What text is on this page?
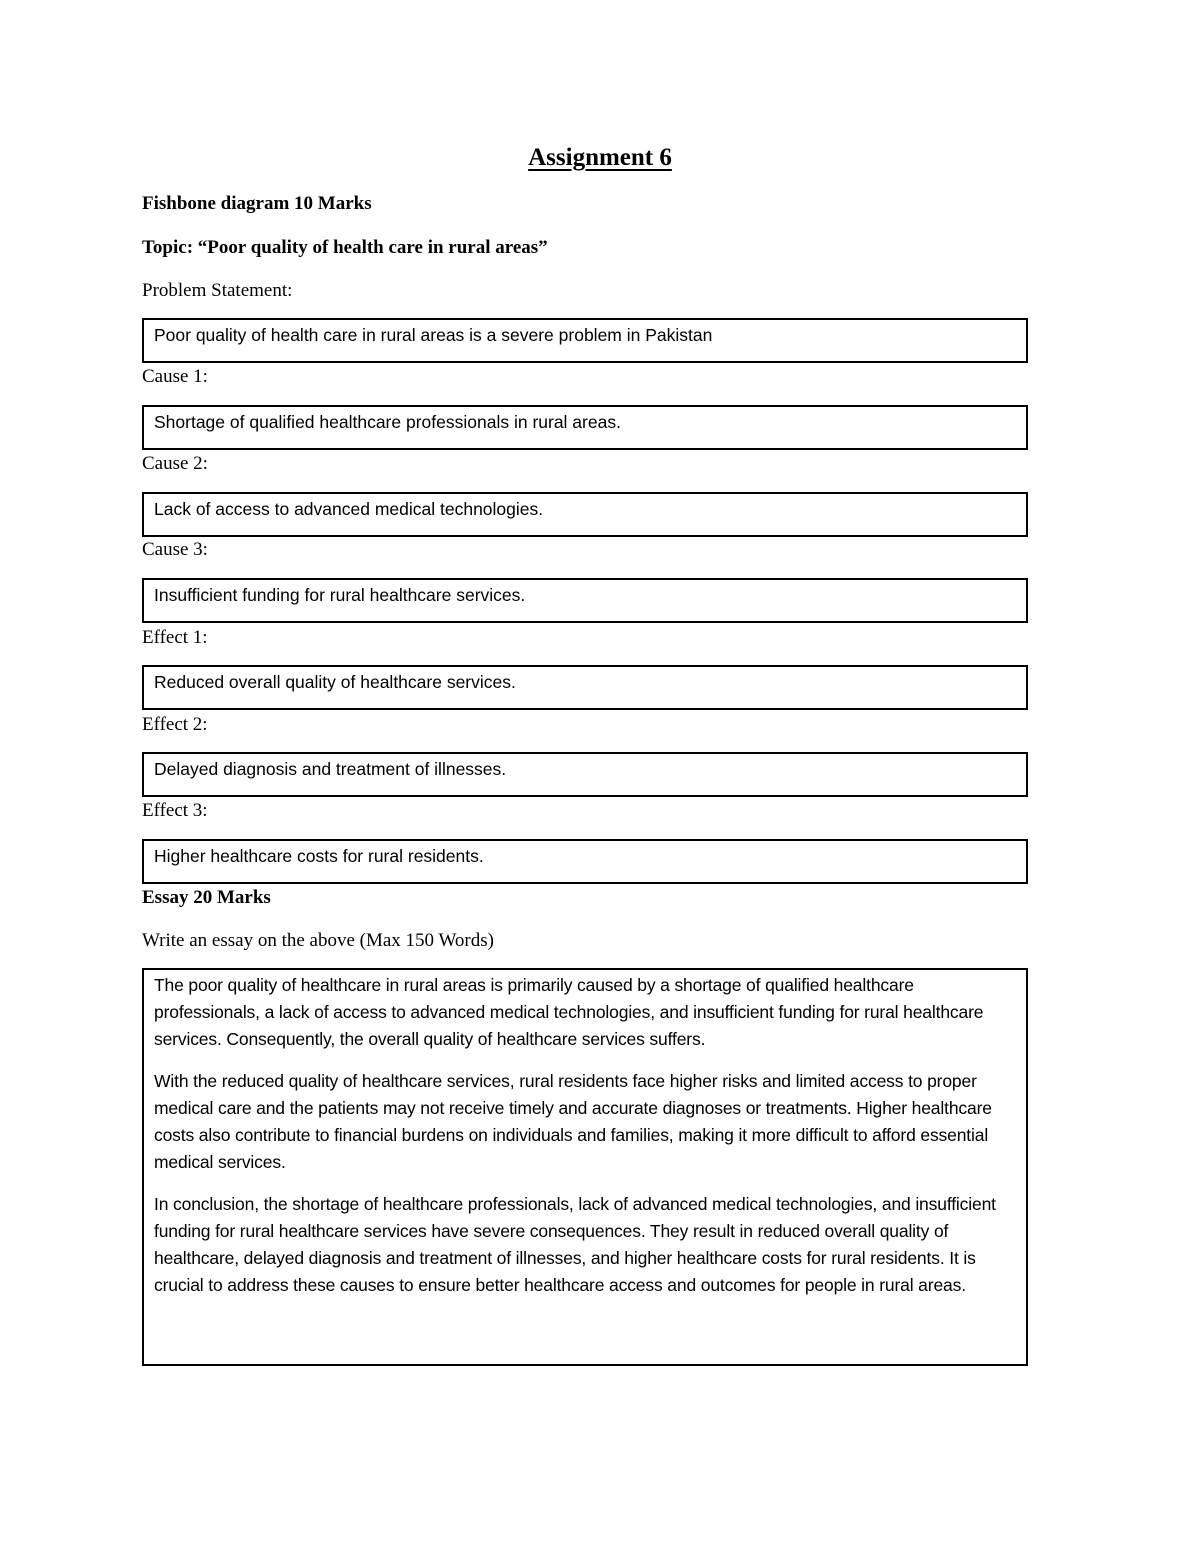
Assignment 6
Fishbone diagram 10 Marks
Topic: “Poor quality of health care in rural areas”
Problem Statement:
Poor quality of health care in rural areas is a severe problem in Pakistan
Cause 1:
Shortage of qualified healthcare professionals in rural areas.
Cause 2:
Lack of access to advanced medical technologies.
Cause 3:
Insufficient funding for rural healthcare services.
Effect 1:
Reduced overall quality of healthcare services.
Effect 2:
Delayed diagnosis and treatment of illnesses.
Effect 3:
Higher healthcare costs for rural residents.
Essay 20 Marks
Write an essay on the above (Max 150 Words)

The poor quality of healthcare in rural areas is primarily caused by a shortage of qualified healthcare professionals, a lack of access to advanced medical technologies, and insufficient funding for rural healthcare services. Consequently, the overall quality of healthcare services suffers.

With the reduced quality of healthcare services, rural residents face higher risks and limited access to proper medical care and the patients may not receive timely and accurate diagnoses or treatments. Higher healthcare costs also contribute to financial burdens on individuals and families, making it more difficult to afford essential medical services.

In conclusion, the shortage of healthcare professionals, lack of advanced medical technologies, and insufficient funding for rural healthcare services have severe consequences. They result in reduced overall quality of healthcare, delayed diagnosis and treatment of illnesses, and higher healthcare costs for rural residents. It is crucial to address these causes to ensure better healthcare access and outcomes for people in rural areas.
